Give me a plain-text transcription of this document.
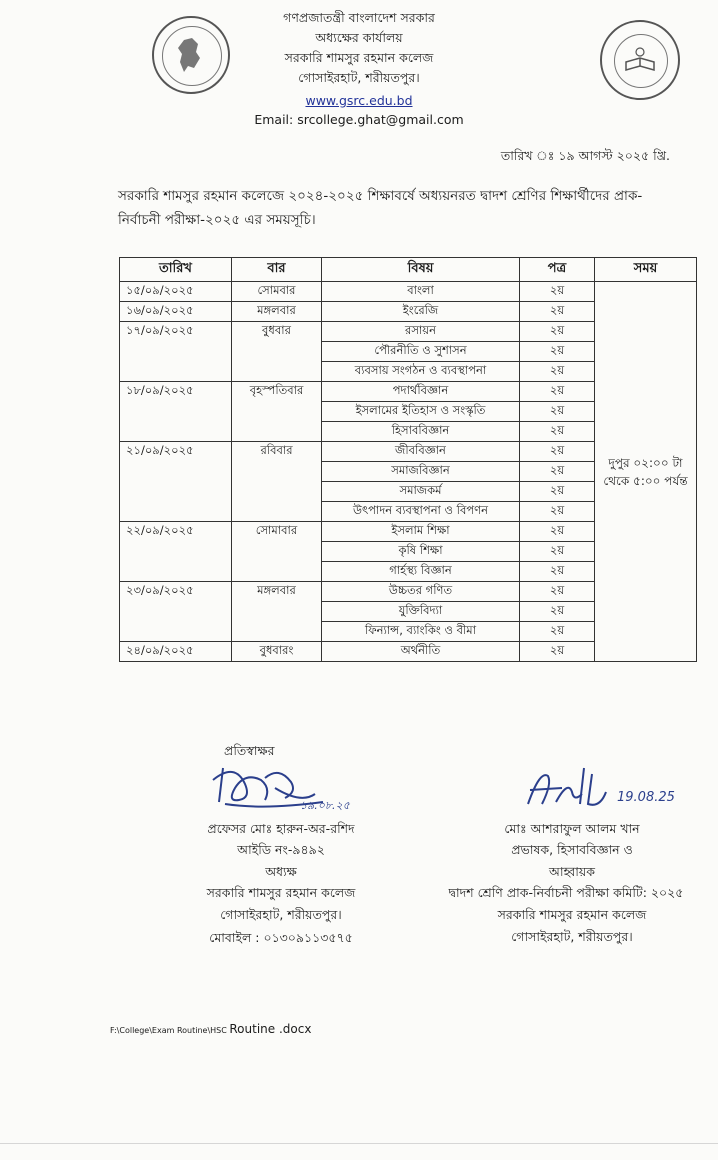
গণপ্রজাতন্ত্রী বাংলাদেশ সরকার
অধ্যক্ষের কার্যালয়
সরকারি শামসুর রহমান কলেজ
গোসাইরহাট, শরীয়তপুর।
www.gsrc.edu.bd
Email: srcollege.ghat@gmail.com
তারিখ ঃ ১৯ আগস্ট ২০২৫ খ্রি.
সরকারি শামসুর রহমান কলেজে ২০২৪-২০২৫ শিক্ষাবর্ষে অধ্যয়নরত দ্বাদশ শ্রেণির শিক্ষার্থীদের প্রাক-নির্বাচনী পরীক্ষা-২০২৫ এর সময়সূচি।
তারিখ	বার	বিষয়	পত্র	সময়
১৫/০৯/২০২৫	সোমবার	বাংলা	২য়	দুপুর ০২:০০ টা থেকে ৫:০০ পর্যন্ত
১৬/০৯/২০২৫	মঙ্গলবার	ইংরেজি	২য়	
১৭/০৯/২০২৫	বুধবার	রসায়ন	২য়	
		পৌরনীতি ও সুশাসন	২য়	
		ব্যবসায় সংগঠন ও ব্যবস্থাপনা	২য়	
১৮/০৯/২০২৫	বৃহস্পতিবার	পদার্থবিজ্ঞান	২য়	
		ইসলামের ইতিহাস ও সংস্কৃতি	২য়	
		হিসাববিজ্ঞান	২য়	
২১/০৯/২০২৫	রবিবার	জীববিজ্ঞান	২য়	
		সমাজবিজ্ঞান	২য়	
		সমাজকর্ম	২য়	
		উৎপাদন ব্যবস্থাপনা ও বিপণন	২য়	
২২/০৯/২০২৫	সোমাবার	ইসলাম শিক্ষা	২য়	
		কৃষি শিক্ষা	২য়	
		গার্হস্থ্য বিজ্ঞান	২য়	
২৩/০৯/২০২৫	মঙ্গলবার	উচ্চতর গণিত	২য়	
		যুক্তিবিদ্যা	২য়	
		ফিন্যান্স, ব্যাংকিং ও বীমা	২য়	
২৪/০৯/২০২৫	বুধবারং	অর্থনীতি	২য়	
প্রতিস্বাক্ষর
১৯.০৮.২৫
প্রফেসর মোঃ হারুন-অর-রশিদ
আইডি নং-৯৪৯২
অধ্যক্ষ
সরকারি শামসুর রহমান কলেজ
গোসাইরহাট, শরীয়তপুর।
মোবাইল : ০১৩০৯১১৩৫৭৫
19.08.25
মোঃ আশরাফুল আলম খান
প্রভাষক, হিসাববিজ্ঞান ও
আহ্বায়ক
দ্বাদশ শ্রেণি প্রাক-নির্বাচনী পরীক্ষা কমিটি: ২০২৫
সরকারি শামসুর রহমান কলেজ
গোসাইরহাট, শরীয়তপুর।
F:\College\Exam Routine\HSC Routine .docx
